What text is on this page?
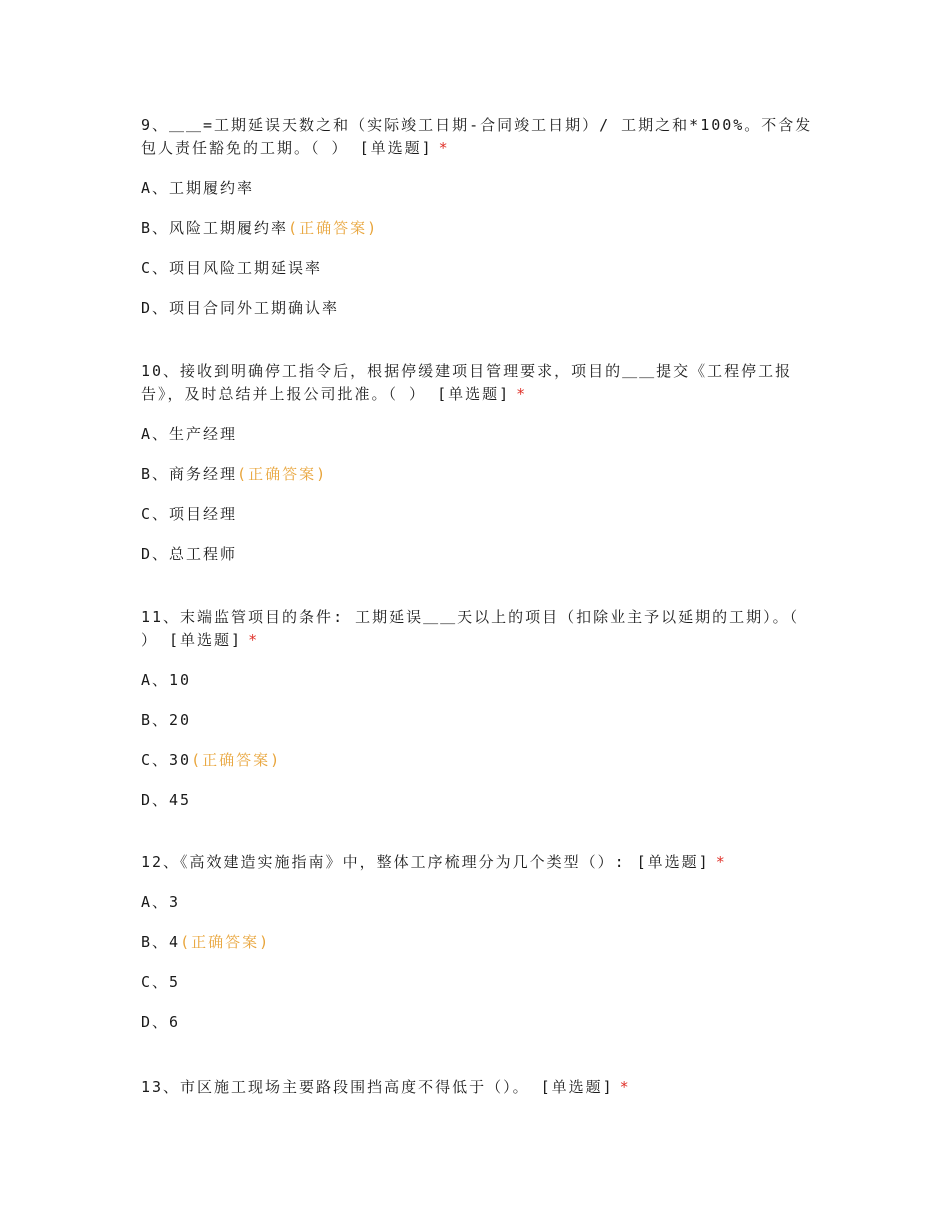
9、＿＿=工期延误天数之和（实际竣工日期-合同竣工日期）/ 工期之和*100%。不含发包人责任豁免的工期。（ ） [单选题] *

A、工期履约率
B、风险工期履约率(正确答案)
C、项目风险工期延误率
D、项目合同外工期确认率

10、接收到明确停工指令后，根据停缓建项目管理要求，项目的＿＿提交《工程停工报告》，及时总结并上报公司批准。（ ） [单选题] *

A、生产经理
B、商务经理(正确答案)
C、项目经理
D、总工程师

11、末端监管项目的条件: 工期延误＿＿天以上的项目（扣除业主予以延期的工期）。（ ） [单选题] *

A、10
B、20
C、30(正确答案)
D、45

12、《高效建造实施指南》中，整体工序梳理分为几个类型（）: [单选题] *

A、3
B、4(正确答案)
C、5
D、6

13、市区施工现场主要路段围挡高度不得低于（）。 [单选题] *
